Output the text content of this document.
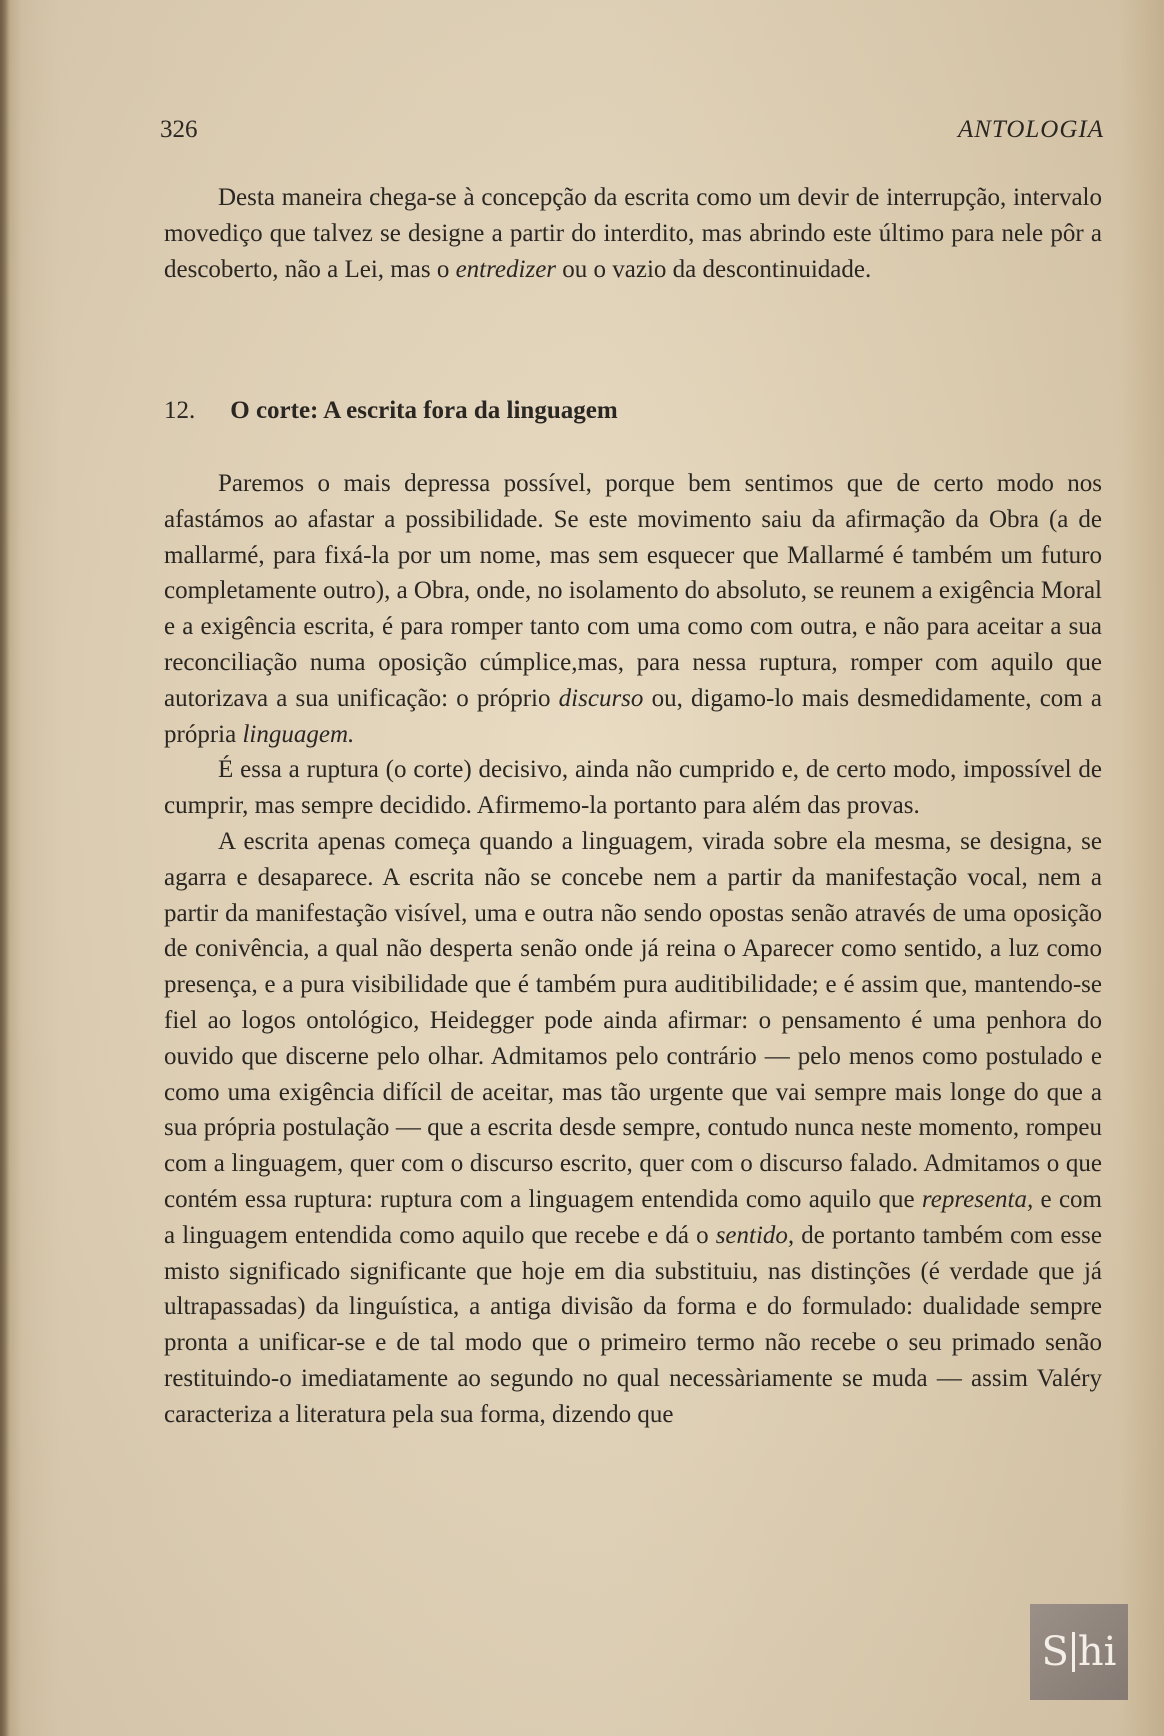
326	ANTOLOGIA

Desta maneira chega-se à concepção da escrita como um devir de interrupção, intervalo movediço que talvez se designe a partir do interdito, mas abrindo este último para nele pôr a descoberto, não a Lei, mas o entredizer ou o vazio da descontinuidade.

12. O corte: A escrita fora da linguagem

Paremos o mais depressa possível, porque bem sentimos que de certo modo nos afastámos ao afastar a possibilidade. Se este movimento saiu da afirmação da Obra (a de mallarmé, para fixá-la por um nome, mas sem esquecer que Mallarmé é também um futuro completamente outro), a Obra, onde, no isolamento do absoluto, se reunem a exigência Moral e a exigência escrita, é para romper tanto com uma como com outra, e não para aceitar a sua reconciliação numa oposição cúmplice,mas, para nessa ruptura, romper com aquilo que autorizava a sua unificação: o próprio discurso ou, digamo-lo mais desmedidamente, com a própria linguagem.

É essa a ruptura (o corte) decisivo, ainda não cumprido e, de certo modo, impossível de cumprir, mas sempre decidido. Afirmemo-la portanto para além das provas.

A escrita apenas começa quando a linguagem, virada sobre ela mesma, se designa, se agarra e desaparece. A escrita não se concebe nem a partir da manifestação vocal, nem a partir da manifestação visível, uma e outra não sendo opostas senão através de uma oposição de conivência, a qual não desperta senão onde já reina o Aparecer como sentido, a luz como presença, e a pura visibilidade que é também pura auditibilidade; e é assim que, mantendo-se fiel ao logos ontológico, Heidegger pode ainda afirmar: o pensamento é uma penhora do ouvido que discerne pelo olhar. Admitamos pelo contrário — pelo menos como postulado e como uma exigência difícil de aceitar, mas tão urgente que vai sempre mais longe do que a sua própria postulação — que a escrita desde sempre, contudo nunca neste momento, rompeu com a linguagem, quer com o discurso escrito, quer com o discurso falado. Admitamos o que contém essa ruptura: ruptura com a linguagem entendida como aquilo que representa, e com a linguagem entendida como aquilo que recebe e dá o sentido, de portanto também com esse misto significado significante que hoje em dia substituiu, nas distinções (é verdade que já ultrapassadas) da linguística, a antiga divisão da forma e do formulado: dualidade sempre pronta a unificar-se e de tal modo que o primeiro termo não recebe o seu primado senão restituindo-o imediatamente ao segundo no qual necessàriamente se muda — assim Valéry caracteriza a literatura pela sua forma, dizendo que

S hi
